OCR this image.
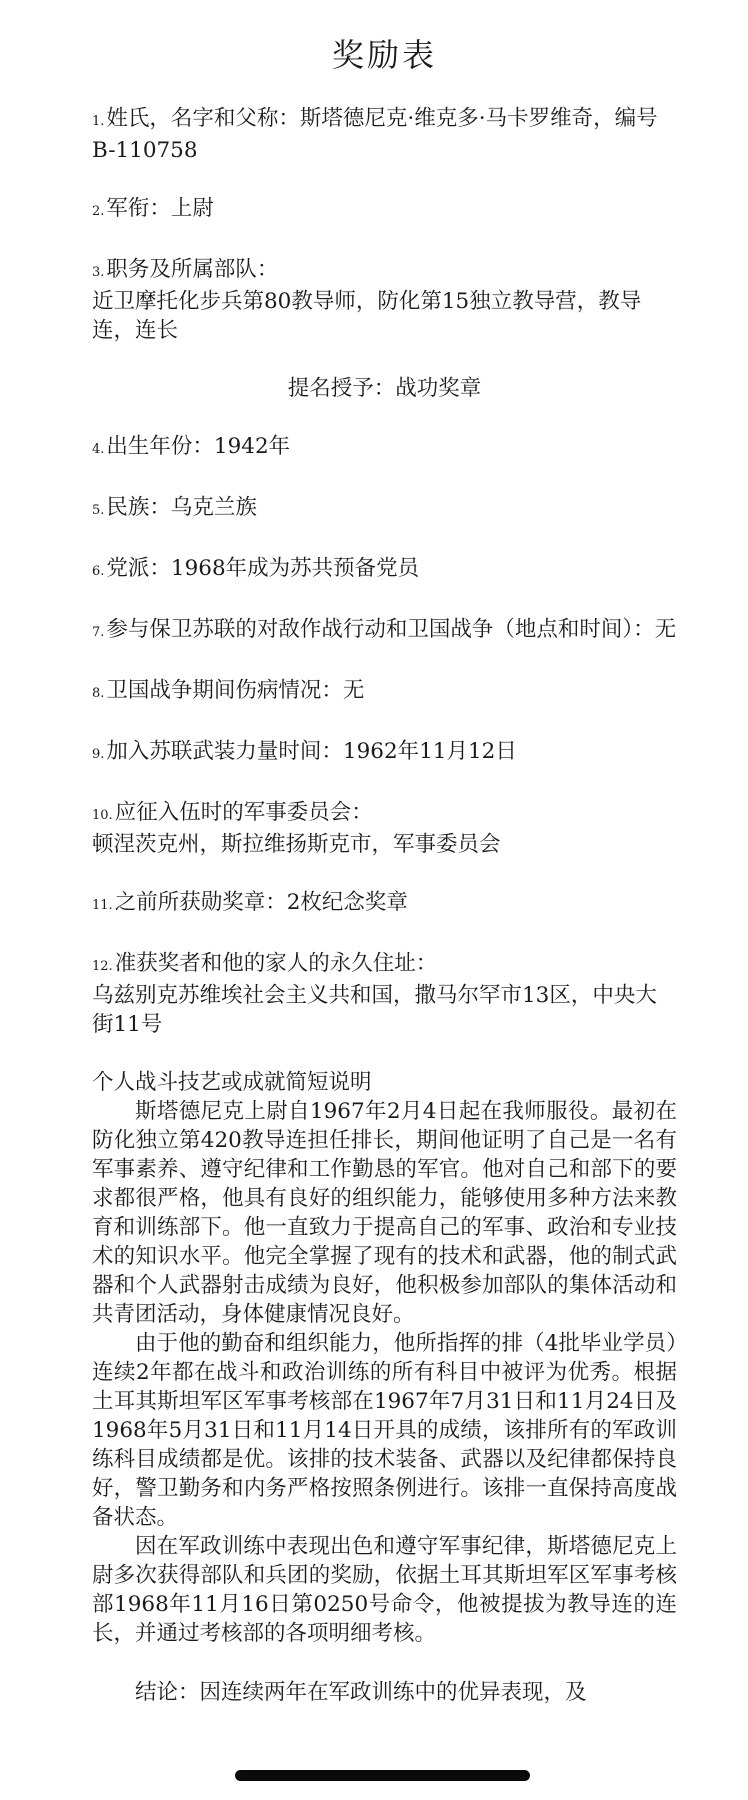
奖励表
1.姓氏，名字和父称：斯塔德尼克·维克多·马卡罗维奇，编号B-110758
2.军衔：上尉
3.职务及所属部队：
近卫摩托化步兵第80教导师，防化第15独立教导营，教导连，连长
提名授予：战功奖章
4.出生年份：1942年
5.民族：乌克兰族
6.党派：1968年成为苏共预备党员
7.参与保卫苏联的对敌作战行动和卫国战争（地点和时间）：无
8.卫国战争期间伤病情况：无
9.加入苏联武装力量时间：1962年11月12日
10.应征入伍时的军事委员会：
顿涅茨克州，斯拉维扬斯克市，军事委员会
11.之前所获勋奖章：2枚纪念奖章
12.准获奖者和他的家人的永久住址：
乌兹别克苏维埃社会主义共和国，撒马尔罕市13区，中央大街11号
个人战斗技艺或成就简短说明

斯塔德尼克上尉自1967年2月4日起在我师服役。最初在防化独立第420教导连担任排长，期间他证明了自己是一名有军事素养、遵守纪律和工作勤恳的军官。他对自己和部下的要求都很严格，他具有良好的组织能力，能够使用多种方法来教育和训练部下。他一直致力于提高自己的军事、政治和专业技术的知识水平。他完全掌握了现有的技术和武器，他的制式武器和个人武器射击成绩为良好，他积极参加部队的集体活动和共青团活动，身体健康情况良好。

由于他的勤奋和组织能力，他所指挥的排（4批毕业学员）连续2年都在战斗和政治训练的所有科目中被评为优秀。根据土耳其斯坦军区军事考核部在1967年7月31日和11月24日及1968年5月31日和11月14日开具的成绩，该排所有的军政训练科目成绩都是优。该排的技术装备、武器以及纪律都保持良好，警卫勤务和内务严格按照条例进行。该排一直保持高度战备状态。

因在军政训练中表现出色和遵守军事纪律，斯塔德尼克上尉多次获得部队和兵团的奖励，依据土耳其斯坦军区军事考核部1968年11月16日第0250号命令，他被提拔为教导连的连长，并通过考核部的各项明细考核。

结论：因连续两年在军政训练中的优异表现，及
